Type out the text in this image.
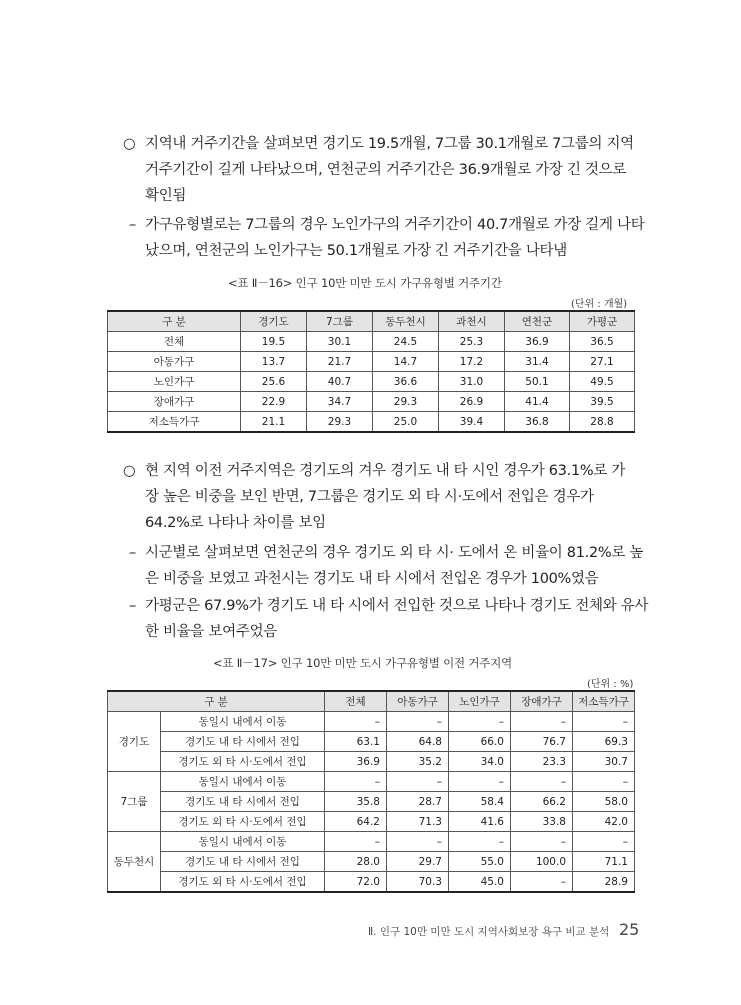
○ 지역내 거주기간을 살펴보면 경기도 19.5개월, 7그룹 30.1개월로 7그룹의 지역
거주기간이 길게 나타났으며, 연천군의 거주기간은 36.9개월로 가장 긴 것으로
확인됨
– 가구유형별로는 7그룹의 경우 노인가구의 거주기간이 40.7개월로 가장 길게 나타
났으며, 연천군의 노인가구는 50.1개월로 가장 긴 거주기간을 나타냄
<표 Ⅱ－16> 인구 10만 미만 도시 가구유형별 거주기간
(단위 : 개월)
구 분	경기도	7그룹	동두천시	과천시	연천군	가평군
전체	19.5	30.1	24.5	25.3	36.9	36.5
아동가구	13.7	21.7	14.7	17.2	31.4	27.1
노인가구	25.6	40.7	36.6	31.0	50.1	49.5
장애가구	22.9	34.7	29.3	26.9	41.4	39.5
저소득가구	21.1	29.3	25.0	39.4	36.8	28.8
○ 현 지역 이전 거주지역은 경기도의 겨우 경기도 내 타 시인 경우가 63.1%로 가
장 높은 비중을 보인 반면, 7그룹은 경기도 외 타 시·도에서 전입은 경우가
64.2%로 나타나 차이를 보임
– 시군별로 살펴보면 연천군의 경우 경기도 외 타 시· 도에서 온 비율이 81.2%로 높
은 비중을 보였고 과천시는 경기도 내 타 시에서 전입온 경우가 100%였음
– 가평군은 67.9%가 경기도 내 타 시에서 전입한 것으로 나타나 경기도 전체와 유사
한 비율을 보여주었음
<표 Ⅱ－17> 인구 10만 미만 도시 가구유형별 이전 거주지역
(단위 : %)
구 분		전체	아동가구	노인가구	장애가구	저소득가구
경기도	동일시 내에서 이동	–	–	–	–	–
	경기도 내 타 시에서 전입	63.1	64.8	66.0	76.7	69.3
	경기도 외 타 시·도에서 전입	36.9	35.2	34.0	23.3	30.7
7그룹	동일시 내에서 이동	–	–	–	–	–
	경기도 내 타 시에서 전입	35.8	28.7	58.4	66.2	58.0
	경기도 외 타 시·도에서 전입	64.2	71.3	41.6	33.8	42.0
동두천시	동일시 내에서 이동	–	–	–	–	–
	경기도 내 타 시에서 전입	28.0	29.7	55.0	100.0	71.1
	경기도 외 타 시·도에서 전입	72.0	70.3	45.0	–	28.9
Ⅱ. 인구 10만 미만 도시 지역사회보장 욕구 비교 분석 25
